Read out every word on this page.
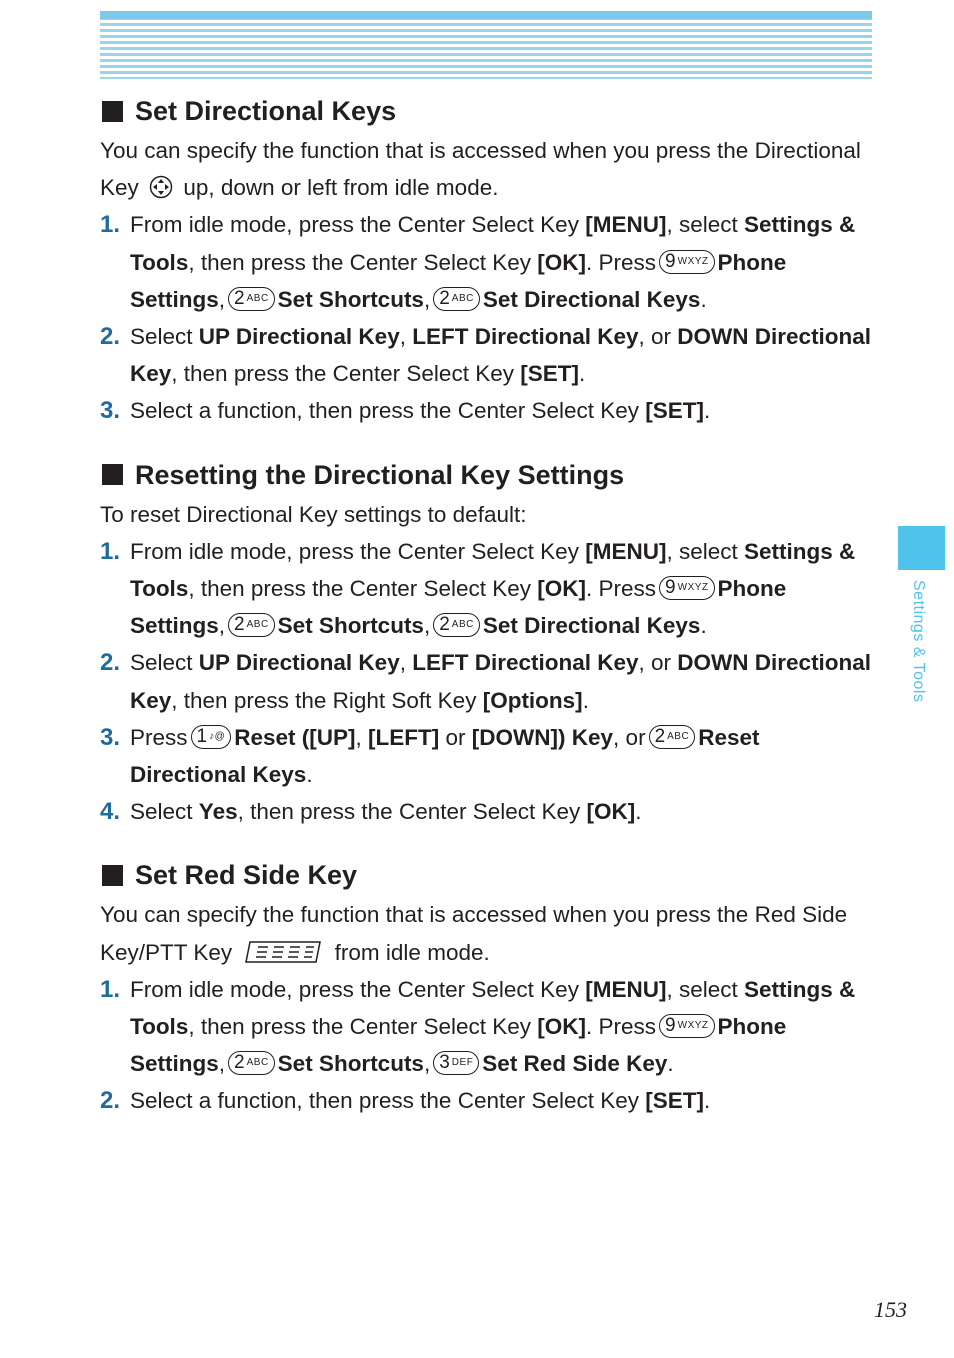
Settings & Tools
153
Set Directional Keys

You can specify the function that is accessed when you press the Directional Key up, down or left from idle mode.

1. From idle mode, press the Center Select Key [MENU], select Settings & Tools, then press the Center Select Key [OK]. Press 9 WXYZ Phone Settings, 2 ABC Set Shortcuts, 2 ABC Set Directional Keys.
2. Select UP Directional Key, LEFT Directional Key, or DOWN Directional Key, then press the Center Select Key [SET].
3. Select a function, then press the Center Select Key [SET].
Resetting the Directional Key Settings

To reset Directional Key settings to default:

1. From idle mode, press the Center Select Key [MENU], select Settings & Tools, then press the Center Select Key [OK]. Press 9 WXYZ Phone Settings, 2 ABC Set Shortcuts, 2 ABC Set Directional Keys.
2. Select UP Directional Key, LEFT Directional Key, or DOWN Directional Key, then press the Right Soft Key [Options].
3. Press 1 ♪@ Reset ([UP], [LEFT] or [DOWN]) Key, or 2 ABC Reset Directional Keys.
4. Select Yes, then press the Center Select Key [OK].
Set Red Side Key

You can specify the function that is accessed when you press the Red Side Key/PTT Key	from idle mode.

1. From idle mode, press the Center Select Key [MENU], select Settings & Tools, then press the Center Select Key [OK]. Press 9 WXYZ Phone Settings, 2 ABC Set Shortcuts, 3 DEF Set Red Side Key.
2. Select a function, then press the Center Select Key [SET].
